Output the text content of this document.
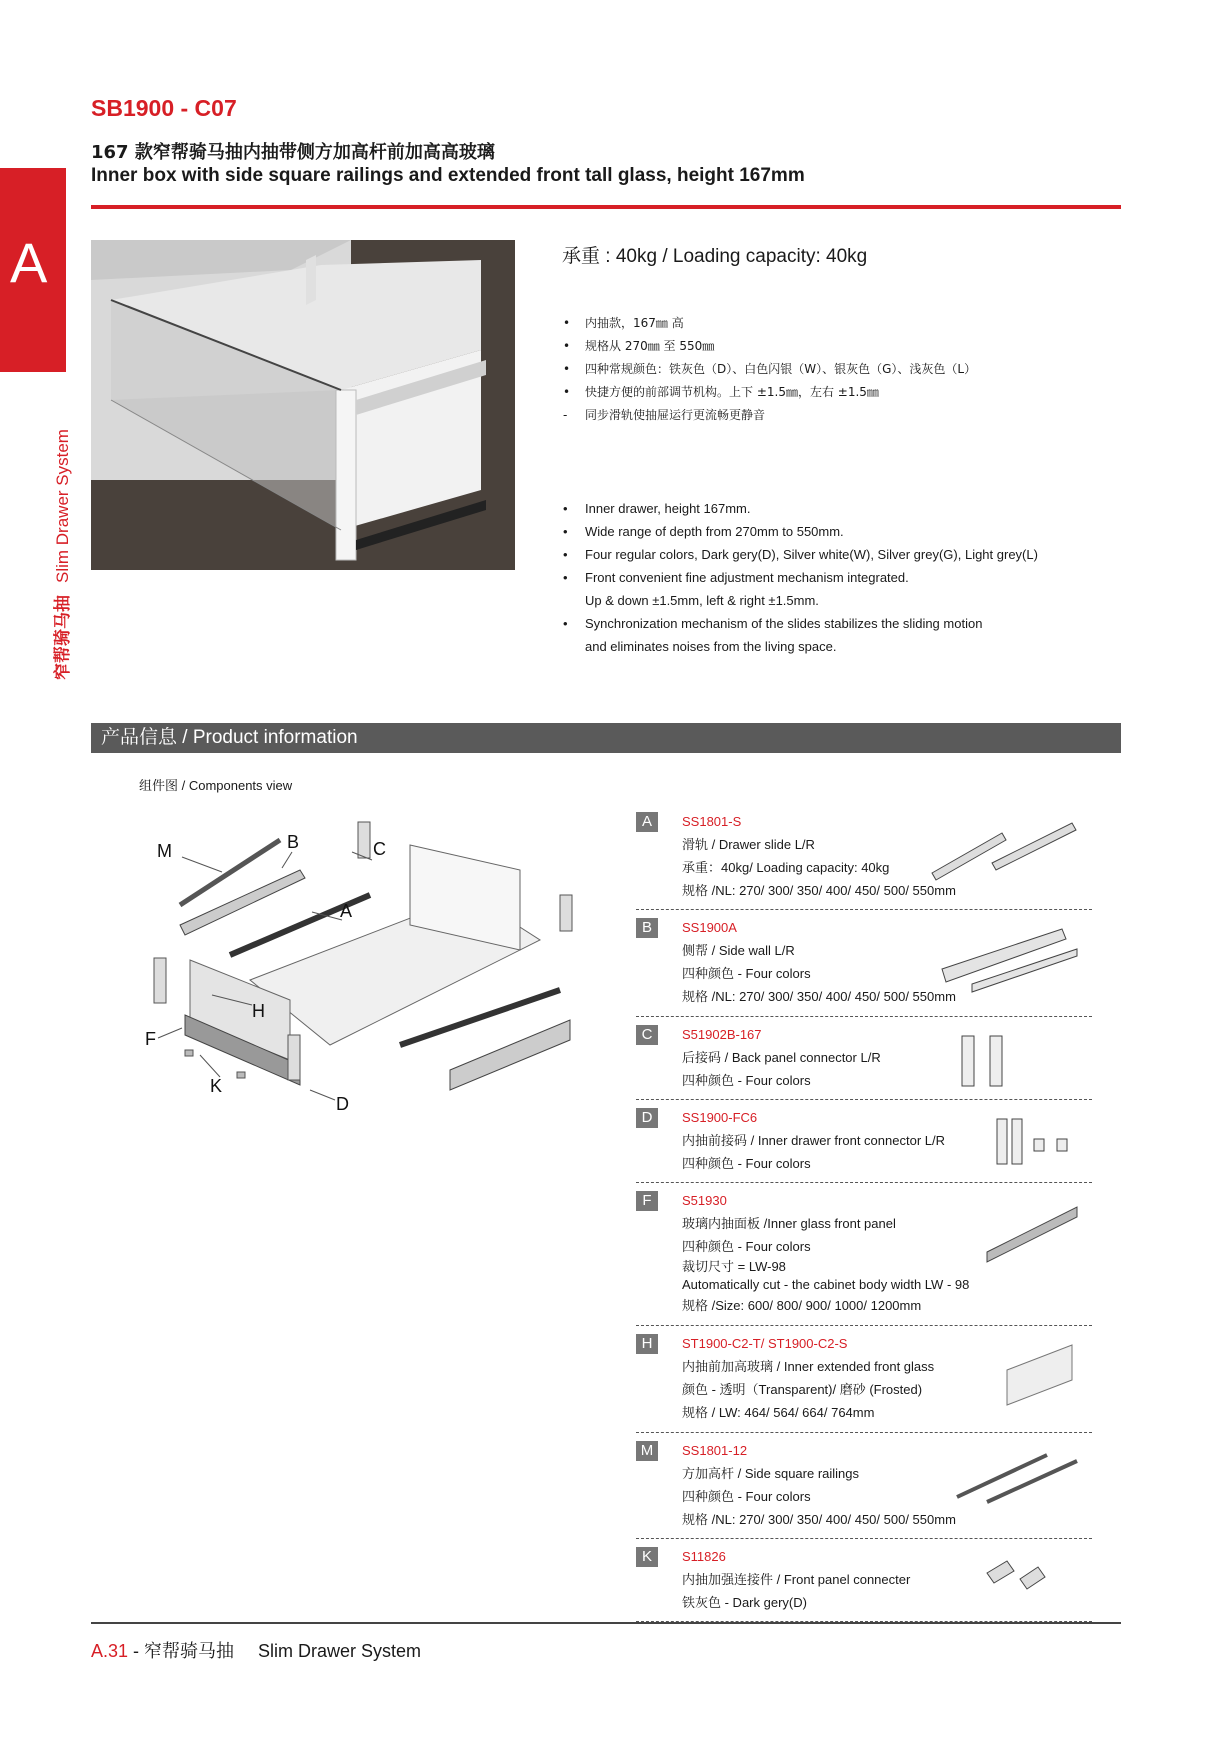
A
窄帮骑马抽Slim Drawer System
SB1900 - C07
167 款窄帮骑马抽内抽带侧方加高杆前加高高玻璃
Inner box with side square railings and extended front tall glass, height 167mm
承重 : 40kg / Loading capacity: 40kg
• 内抽款，167㎜ 高
• 规格从 270㎜ 至 550㎜
• 四种常规颜色：铁灰色（D）、白色闪银（W）、银灰色（G）、浅灰色（L）
• 快捷方便的前部调节机构。上下 ±1.5㎜，左右 ±1.5㎜
- 同步滑轨使抽屉运行更流畅更静音
• Inner drawer, height 167mm.
• Wide range of depth from 270mm to 550mm.
• Four regular colors, Dark gery(D), Silver white(W), Silver grey(G), Light grey(L)
• Front convenient fine adjustment mechanism integrated.
Up & down ±1.5mm, left & right ±1.5mm.
• Synchronization mechanism of the slides stabilizes the sliding motion
and eliminates noises from the living space.
产品信息 / Product information
组件图 / Components view
M	B	C
A
H
F
K
D
A	SS1801-S
滑轨 / Drawer slide L/R
承重：40kg/ Loading capacity: 40kg
规格 /NL: 270/ 300/ 350/ 400/ 450/ 500/ 550mm
B	SS1900A
侧帮 / Side wall L/R
四种颜色 - Four colors
规格 /NL: 270/ 300/ 350/ 400/ 450/ 500/ 550mm
C	S51902B-167
后接码 / Back panel connector L/R
四种颜色 - Four colors
D	SS1900-FC6
内抽前接码 / Inner drawer front connector L/R
四种颜色 - Four colors
F	S51930
玻璃内抽面板 /Inner glass front panel
四种颜色 - Four colors
裁切尺寸 = LW-98
Automatically cut - the cabinet body width LW - 98
规格 /Size: 600/ 800/ 900/ 1000/ 1200mm
H	ST1900-C2-T/ ST1900-C2-S
内抽前加高玻璃 / Inner extended front glass
颜色 - 透明（Transparent)/ 磨砂 (Frosted)
规格 / LW: 464/ 564/ 664/ 764mm
M	SS1801-12
方加高杆 / Side square railings
四种颜色 - Four colors
规格 /NL: 270/ 300/ 350/ 400/ 450/ 500/ 550mm
K	S11826
内抽加强连接件 / Front panel connecter
铁灰色 - Dark gery(D)
A.31 - 窄帮骑马抽 Slim Drawer System
